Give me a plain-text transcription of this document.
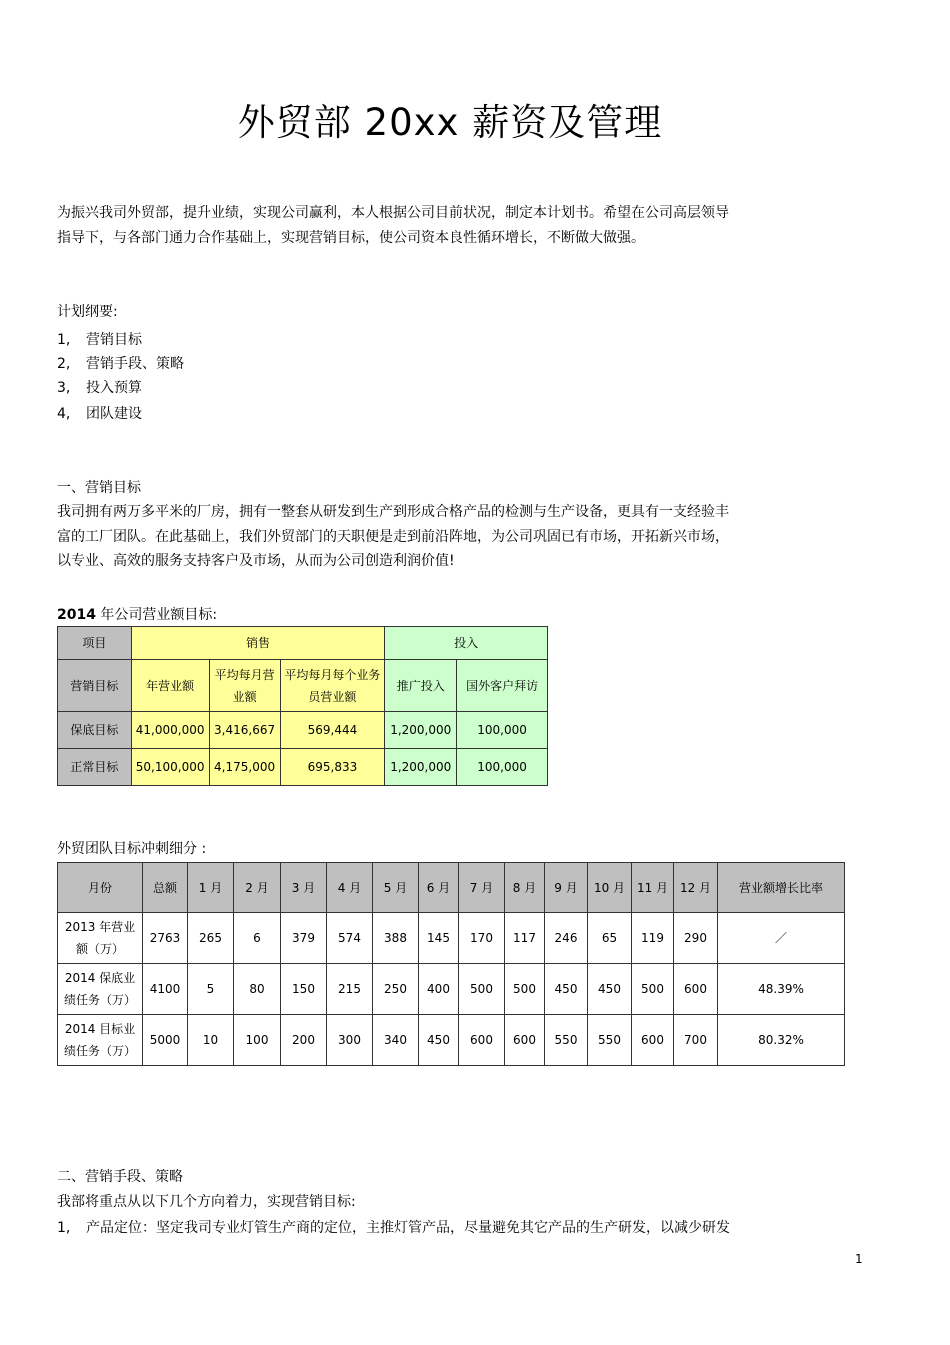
外贸部 20xx 薪资及管理
为振兴我司外贸部，提升业绩，实现公司赢利，本人根据公司目前状况，制定本计划书。希望在公司高层领导
指导下，与各部门通力合作基础上，实现营销目标，使公司资本良性循环增长，不断做大做强。
计划纲要:
1, 营销目标
2, 营销手段、策略
3, 投入预算
4, 团队建设
一、营销目标
我司拥有两万多平米的厂房，拥有一整套从研发到生产到形成合格产品的检测与生产设备，更具有一支经验丰
富的工厂团队。在此基础上，我们外贸部门的天职便是走到前沿阵地，为公司巩固已有市场，开拓新兴市场，
以专业、高效的服务支持客户及市场，从而为公司创造利润价值!
2014 年公司营业额目标:
项目	销售			投入	
营销目标	年营业额	平均每月营业额	平均每月每个业务员营业额	推广投入	国外客户拜访
保底目标	41,000,000	3,416,667	569,444	1,200,000	100,000
正常目标	50,100,000	4,175,000	695,833	1,200,000	100,000
外贸团队目标冲刺细分 :
月份	总额	1 月	2 月	3 月	4 月	5 月	6 月	7 月	8 月	9 月	10 月	11 月	12 月	营业额增长比率
2013 年营业额（万）	2763	265	6	379	574	388	145	170	117	246	65	119	290	／
2014 保底业绩任务（万）	4100	5	80	150	215	250	400	500	500	450	450	500	600	48.39%
2014 目标业绩任务（万）	5000	10	100	200	300	340	450	600	600	550	550	600	700	80.32%
二、营销手段、策略
我部将重点从以下几个方向着力，实现营销目标:
1, 产品定位：坚定我司专业灯管生产商的定位，主推灯管产品，尽量避免其它产品的生产研发，以减少研发
1
